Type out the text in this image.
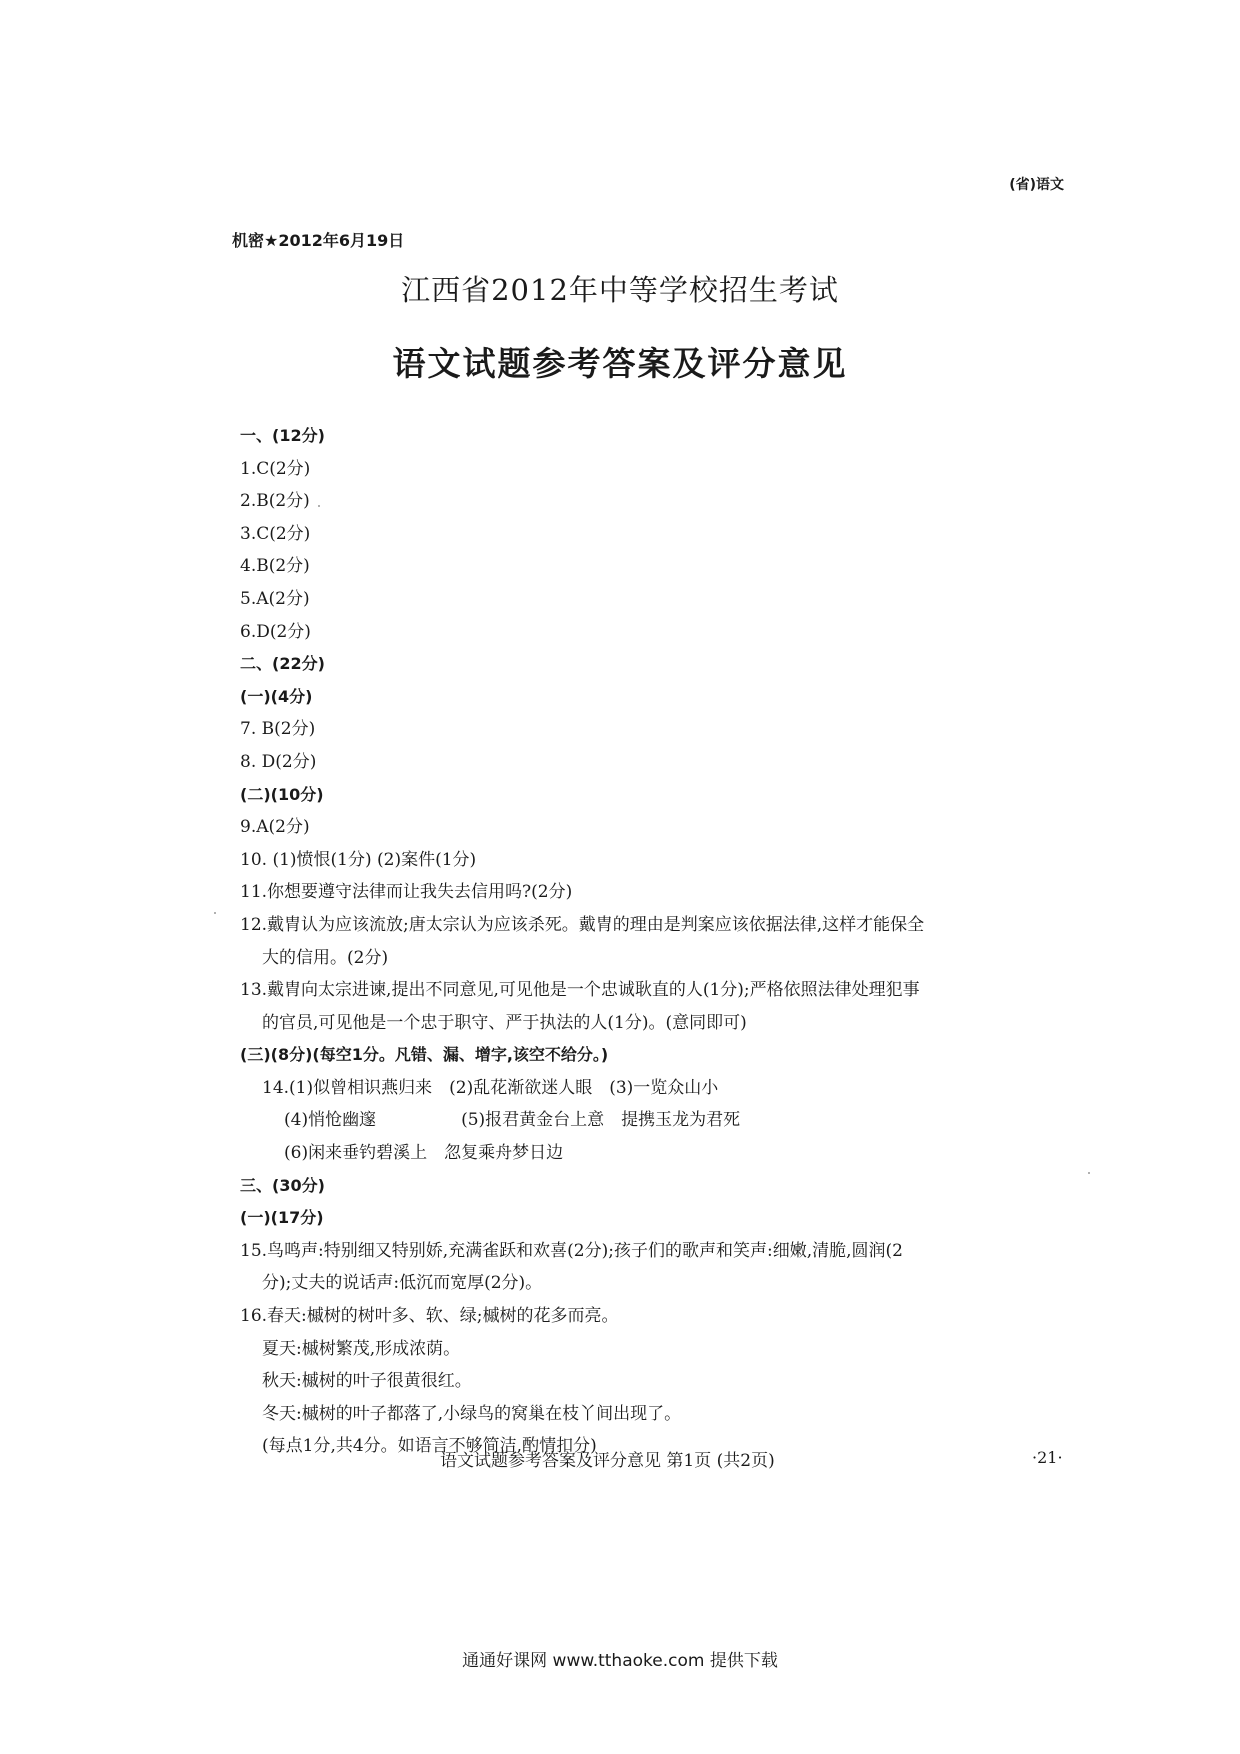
(省)语文
机密★2012年6月19日
江西省2012年中等学校招生考试
语文试题参考答案及评分意见
一、(12分)
1.C(2分)
2.B(2分)
3.C(2分)
4.B(2分)
5.A(2分)
6.D(2分)
二、(22分)
(一)(4分)
7. B(2分)
8. D(2分)
(二)(10分)
9.A(2分)
10. (1)愤恨(1分) (2)案件(1分)
11.你想要遵守法律而让我失去信用吗?(2分)
12.戴胄认为应该流放;唐太宗认为应该杀死。戴胄的理由是判案应该依据法律,这样才能保全
大的信用。(2分)
13.戴胄向太宗进谏,提出不同意见,可见他是一个忠诚耿直的人(1分);严格依照法律处理犯事
的官员,可见他是一个忠于职守、严于执法的人(1分)。(意同即可)
(三)(8分)(每空1分。凡错、漏、增字,该空不给分。)
14.(1)似曾相识燕归来　(2)乱花渐欲迷人眼　(3)一览众山小
(4)悄怆幽邃　　　　　(5)报君黄金台上意　提携玉龙为君死
(6)闲来垂钓碧溪上　忽复乘舟梦日边
三、(30分)
(一)(17分)
15.鸟鸣声:特别细又特别娇,充满雀跃和欢喜(2分);孩子们的歌声和笑声:细嫩,清脆,圆润(2
分);丈夫的说话声:低沉而宽厚(2分)。
16.春天:槭树的树叶多、软、绿;槭树的花多而亮。
夏天:槭树繁茂,形成浓荫。
秋天:槭树的叶子很黄很红。
冬天:槭树的叶子都落了,小绿鸟的窝巢在枝丫间出现了。
(每点1分,共4分。如语言不够简洁,酌情扣分)
语文试题参考答案及评分意见 第1页 (共2页)	·21·
通通好课网 www.tthaoke.com 提供下载
